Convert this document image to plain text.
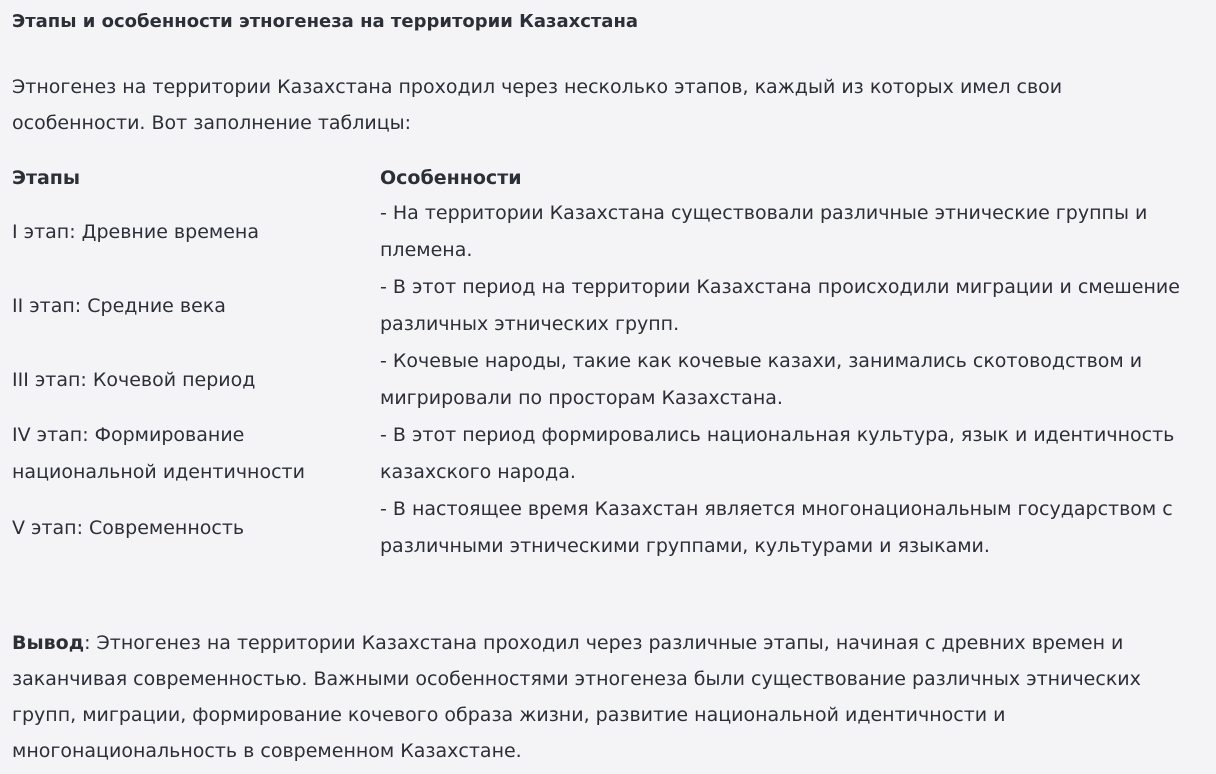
Этапы и особенности этногенеза на территории Казахстана
Этногенез на территории Казахстана проходил через несколько этапов, каждый из которых имел свои особенности. Вот заполнение таблицы:
Этапы	Особенности
I этап: Древние времена	- На территории Казахстана существовали различные этнические группы и племена.
II этап: Средние века	- В этот период на территории Казахстана происходили миграции и смешение различных этнических групп.
III этап: Кочевой период	- Кочевые народы, такие как кочевые казахи, занимались скотоводством и мигрировали по просторам Казахстана.
IV этап: Формирование национальной идентичности	- В этот период формировались национальная культура, язык и идентичность казахского народа.
V этап: Современность	- В настоящее время Казахстан является многонациональным государством с различными этническими группами, культурами и языками.
Вывод: Этногенез на территории Казахстана проходил через различные этапы, начиная с древних времен и заканчивая современностью. Важными особенностями этногенеза были существование различных этнических групп, миграции, формирование кочевого образа жизни, развитие национальной идентичности и многонациональность в современном Казахстане.
